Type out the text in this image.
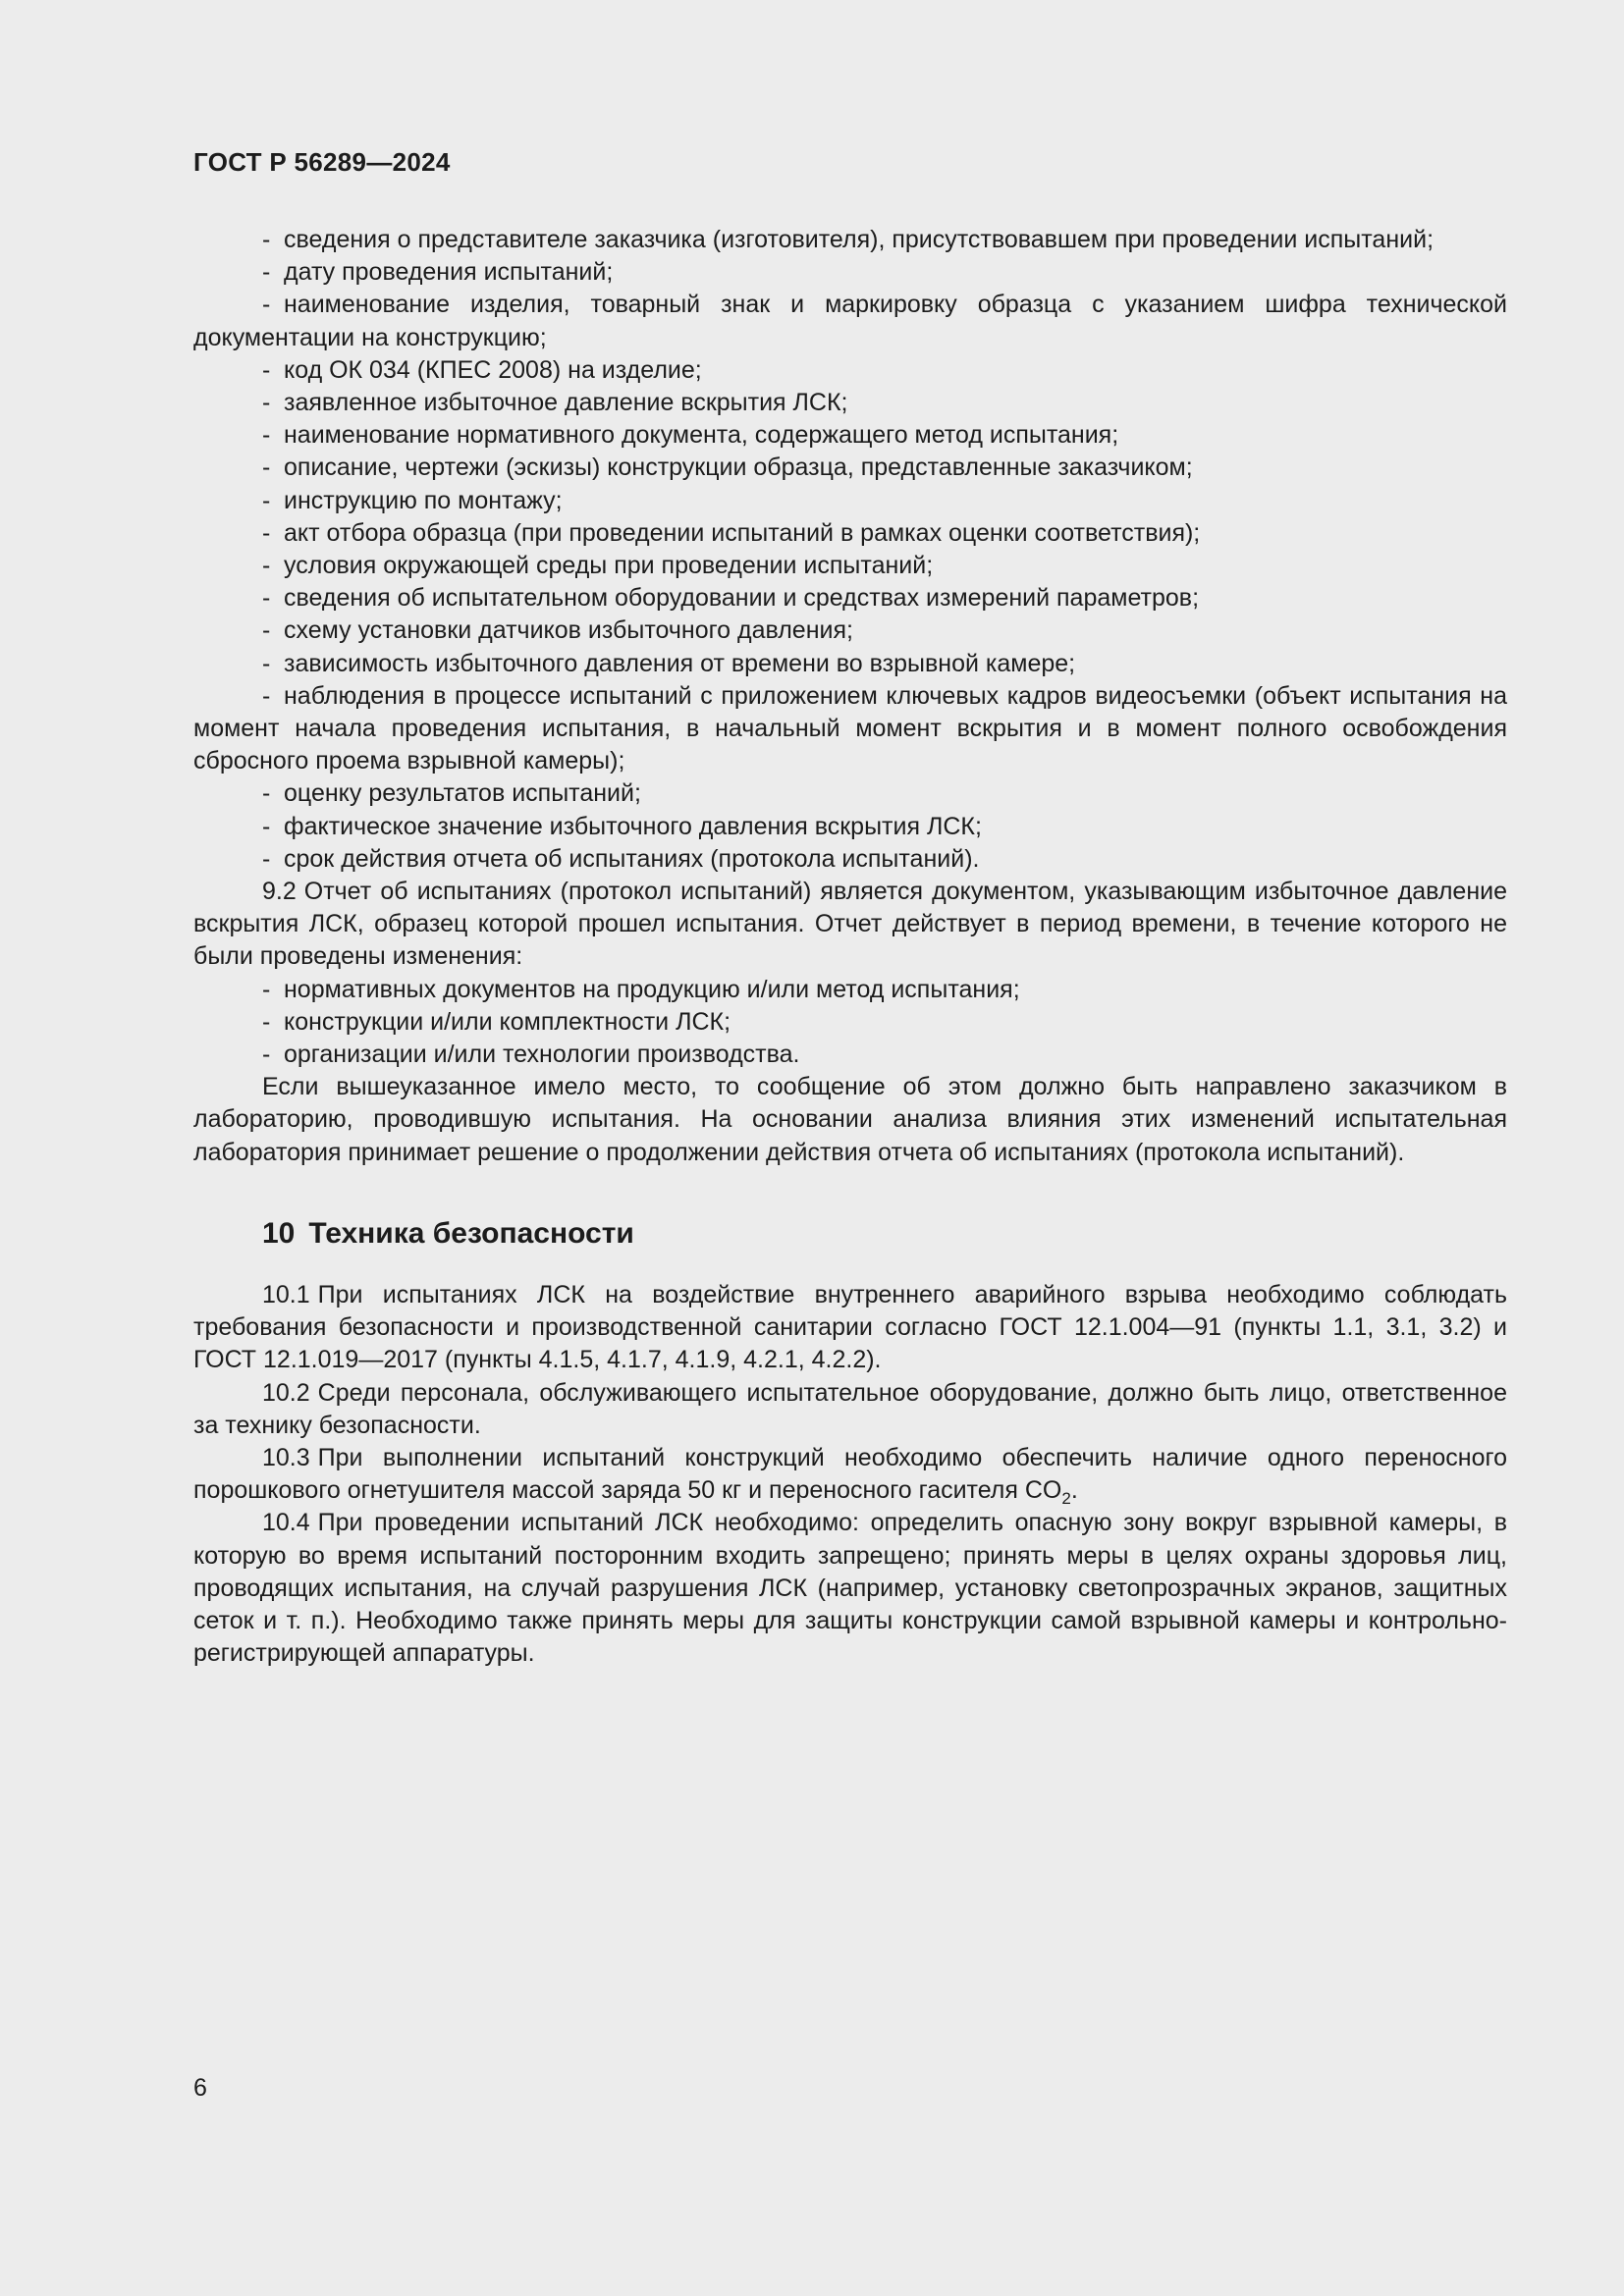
ГОСТ Р 56289—2024

- сведения о представителе заказчика (изготовителя), присутствовавшем при проведении испытаний;

- дату проведения испытаний;

- наименование изделия, товарный знак и маркировку образца с указанием шифра технической документации на конструкцию;

- код ОК 034 (КПЕС 2008) на изделие;

- заявленное избыточное давление вскрытия ЛСК;

- наименование нормативного документа, содержащего метод испытания;

- описание, чертежи (эскизы) конструкции образца, представленные заказчиком;

- инструкцию по монтажу;

- акт отбора образца (при проведении испытаний в рамках оценки соответствия);

- условия окружающей среды при проведении испытаний;

- сведения об испытательном оборудовании и средствах измерений параметров;

- схему установки датчиков избыточного давления;

- зависимость избыточного давления от времени во взрывной камере;

- наблюдения в процессе испытаний с приложением ключевых кадров видеосъемки (объект испытания на момент начала проведения испытания, в начальный момент вскрытия и в момент полного освобождения сбросного проема взрывной камеры);

- оценку результатов испытаний;

- фактическое значение избыточного давления вскрытия ЛСК;

- срок действия отчета об испытаниях (протокола испытаний).

9.2 Отчет об испытаниях (протокол испытаний) является документом, указывающим избыточное давление вскрытия ЛСК, образец которой прошел испытания. Отчет действует в период времени, в течение которого не были проведены изменения:

- нормативных документов на продукцию и/или метод испытания;

- конструкции и/или комплектности ЛСК;

- организации и/или технологии производства.

Если вышеуказанное имело место, то сообщение об этом должно быть направлено заказчиком в лабораторию, проводившую испытания. На основании анализа влияния этих изменений испытательная лаборатория принимает решение о продолжении действия отчета об испытаниях (протокола испытаний).

10 Техника безопасности

10.1 При испытаниях ЛСК на воздействие внутреннего аварийного взрыва необходимо соблюдать требования безопасности и производственной санитарии согласно ГОСТ 12.1.004—91 (пункты 1.1, 3.1, 3.2) и ГОСТ 12.1.019—2017 (пункты 4.1.5, 4.1.7, 4.1.9, 4.2.1, 4.2.2).

10.2 Среди персонала, обслуживающего испытательное оборудование, должно быть лицо, ответственное за технику безопасности.

10.3 При выполнении испытаний конструкций необходимо обеспечить наличие одного переносного порошкового огнетушителя массой заряда 50 кг и переносного гасителя $CO_2$.

10.4 При проведении испытаний ЛСК необходимо: определить опасную зону вокруг взрывной камеры, в которую во время испытаний посторонним входить запрещено; принять меры в целях охраны здоровья лиц, проводящих испытания, на случай разрушения ЛСК (например, установку светопрозрачных экранов, защитных сеток и т. п.). Необходимо также принять меры для защиты конструкции самой взрывной камеры и контрольно-регистрирующей аппаратуры.

6
